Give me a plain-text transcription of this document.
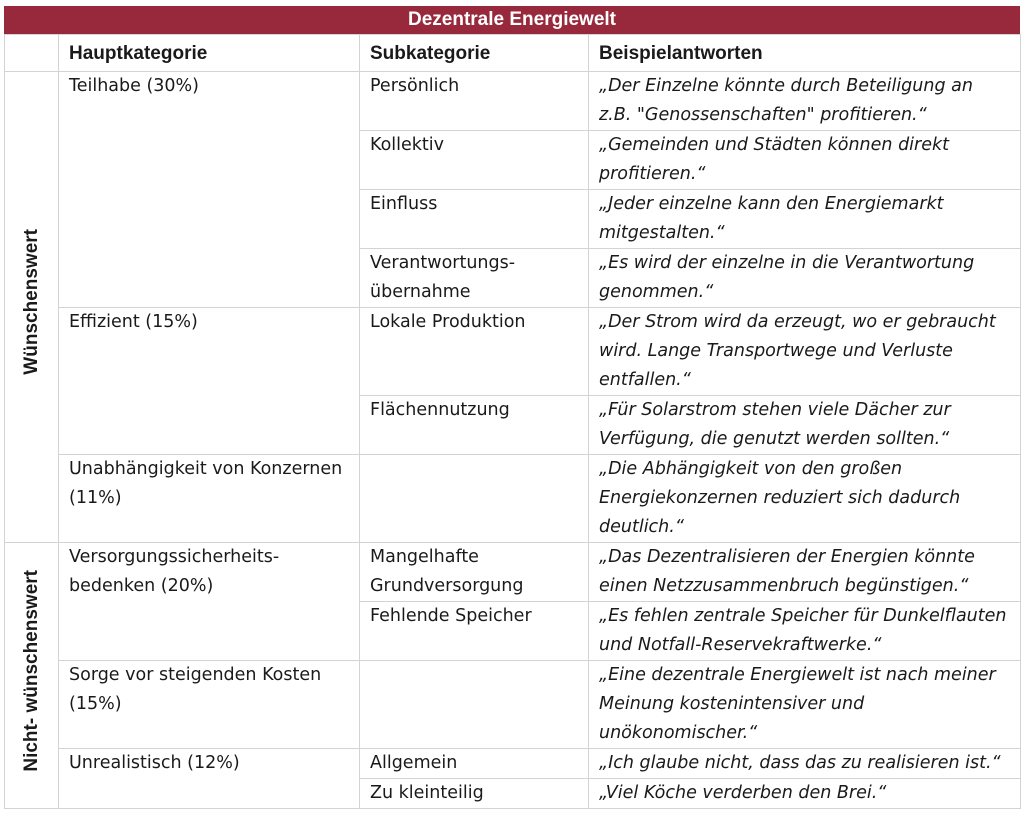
Dezentrale Energiewelt
	Hauptkategorie	Subkategorie	Beispielantworten
Wünschenswert	Teilhabe (30%)	Persönlich	„Der Einzelne könnte durch Beteiligung an z.B. "Genossenschaften" profitieren.“
		Kollektiv	„Gemeinden und Städten können direkt profitieren.“
		Einfluss	„Jeder einzelne kann den Energiemarkt mitgestalten.“
		Verantwortungs-übernahme	„Es wird der einzelne in die Verantwortung genommen.“
	Effizient (15%)	Lokale Produktion	„Der Strom wird da erzeugt, wo er gebraucht wird. Lange Transportwege und Verluste entfallen.“
		Flächennutzung	„Für Solarstrom stehen viele Dächer zur Verfügung, die genutzt werden sollten.“
	Unabhängigkeit von Konzernen (11%)		„Die Abhängigkeit von den großen Energiekonzernen reduziert sich dadurch deutlich.“
Nicht- wünschenswert	Versorgungssicherheits-bedenken (20%)	Mangelhafte Grundversorgung	„Das Dezentralisieren der Energien könnte einen Netzzusammenbruch begünstigen.“
		Fehlende Speicher	„Es fehlen zentrale Speicher für Dunkelflauten und Notfall-Reservekraftwerke.“
	Sorge vor steigenden Kosten (15%)		„Eine dezentrale Energiewelt ist nach meiner Meinung kostenintensiver und unökonomischer.“
	Unrealistisch (12%)	Allgemein	„Ich glaube nicht, dass das zu realisieren ist.“
		Zu kleinteilig	„Viel Köche verderben den Brei.“
